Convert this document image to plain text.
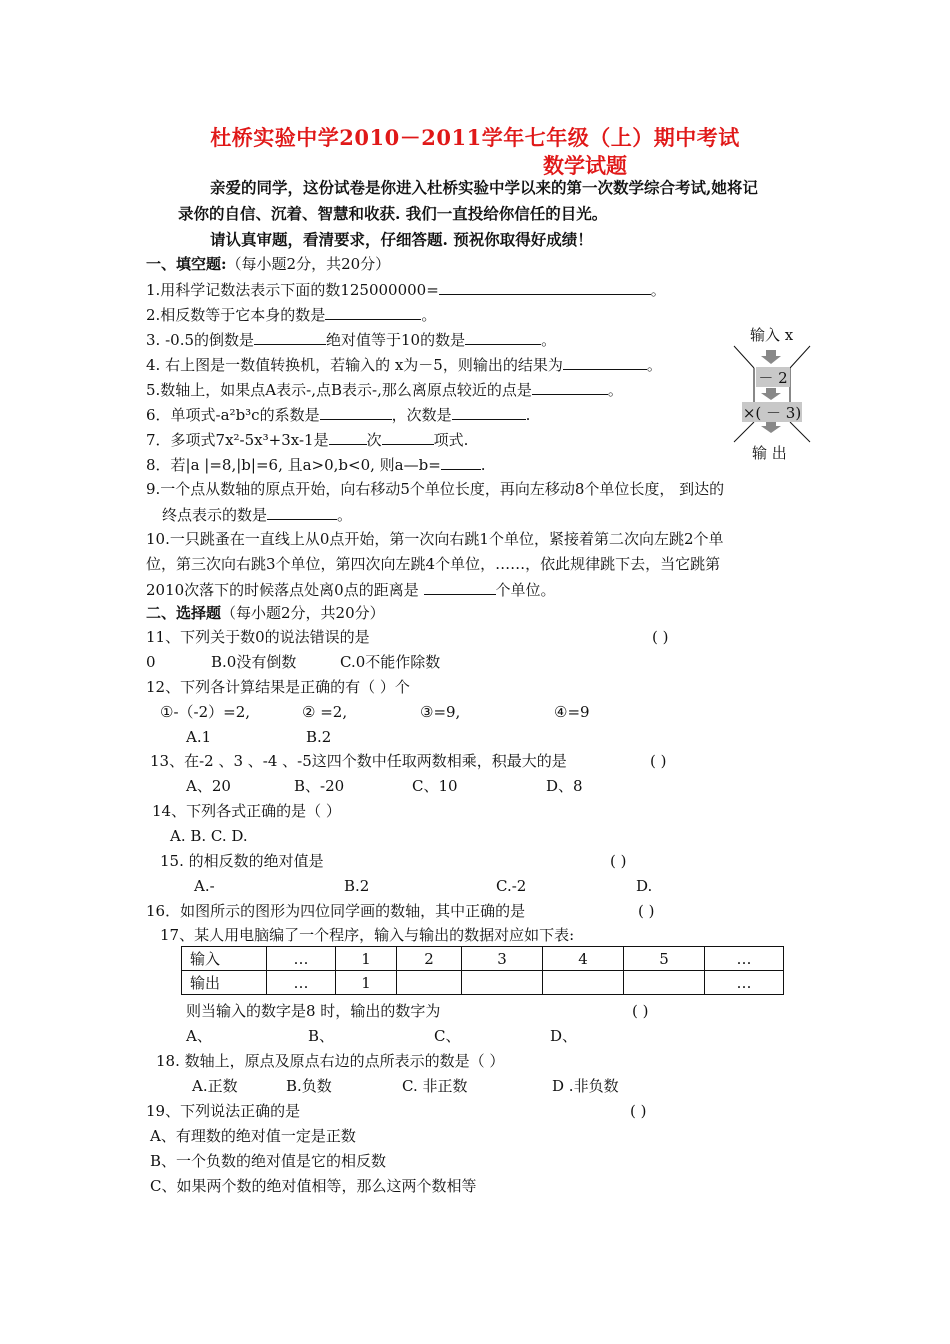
杜桥实验中学2010－2011学年七年级（上）期中考试
数学试题
亲爱的同学，这份试卷是你进入杜桥实验中学以来的第一次数学综合考试,她将记
录你的自信、沉着、智慧和收获. 我们一直投给你信任的目光。
请认真审题，看清要求，仔细答题. 预祝你取得好成绩！
一、填空题:（每小题2分，共20分）
1.用科学记数法表示下面的数125000000=	。
2.相反数等于它本身的数是	。
3. -0.5的倒数是	绝对值等于10的数是	。
4. 右上图是一数值转换机，若输入的 x为－5，则输出的结果为	。
5.数轴上，如果点A表示-,点B表示-,那么离原点较近的点是	。
6．单项式-a²b³c的系数是	，次数是	.
7．多项式7x²-5x³+3x-1是	次	项式.
8．若|a |=8,|b|=6, 且a>0,b<0, 则a—b=	.
9.一个点从数轴的原点开始，向右移动5个单位长度，再向左移动8个单位长度， 到达的
终点表示的数是	。
10.一只跳蚤在一直线上从0点开始，第一次向右跳1个单位，紧接着第二次向左跳2个单
位，第三次向右跳3个单位，第四次向左跳4个单位，……，依此规律跳下去，当它跳第
2010次落下的时候落点处离0点的距离是	个单位。
输入 x
－ 2
×( － 3)
输 出
二、选择题（每小题2分，共20分）
11、下列关于数0的说法错误的是	( )
0	B.0没有倒数	C.0不能作除数
12、下列各计算结果是正确的有（ ）个
①-（-2）=2,	② =2,	③=9,	④=9
A.1	B.2
13、在-2 、3 、-4 、-5这四个数中任取两数相乘，积最大的是	( )
A、20	B、-20	C、10	D、8
14、下列各式正确的是（ ）
A. B. C. D.
15. 的相反数的绝对值是	( )
A.-	B.2	C.-2	D.
16．如图所示的图形为四位同学画的数轴，其中正确的是	( )
17、某人用电脑编了一个程序，输入与输出的数据对应如下表:
输入	…	1	2	3	4	5	…
输出	…	1					…
则当输入的数字是8 时，输出的数字为	( )
A、	B、	C、	D、
18. 数轴上，原点及原点右边的点所表示的数是（ ）
A.正数	B.负数	C. 非正数	D .非负数
19、下列说法正确的是	( )
A、有理数的绝对值一定是正数
B、一个负数的绝对值是它的相反数
C、如果两个数的绝对值相等，那么这两个数相等
